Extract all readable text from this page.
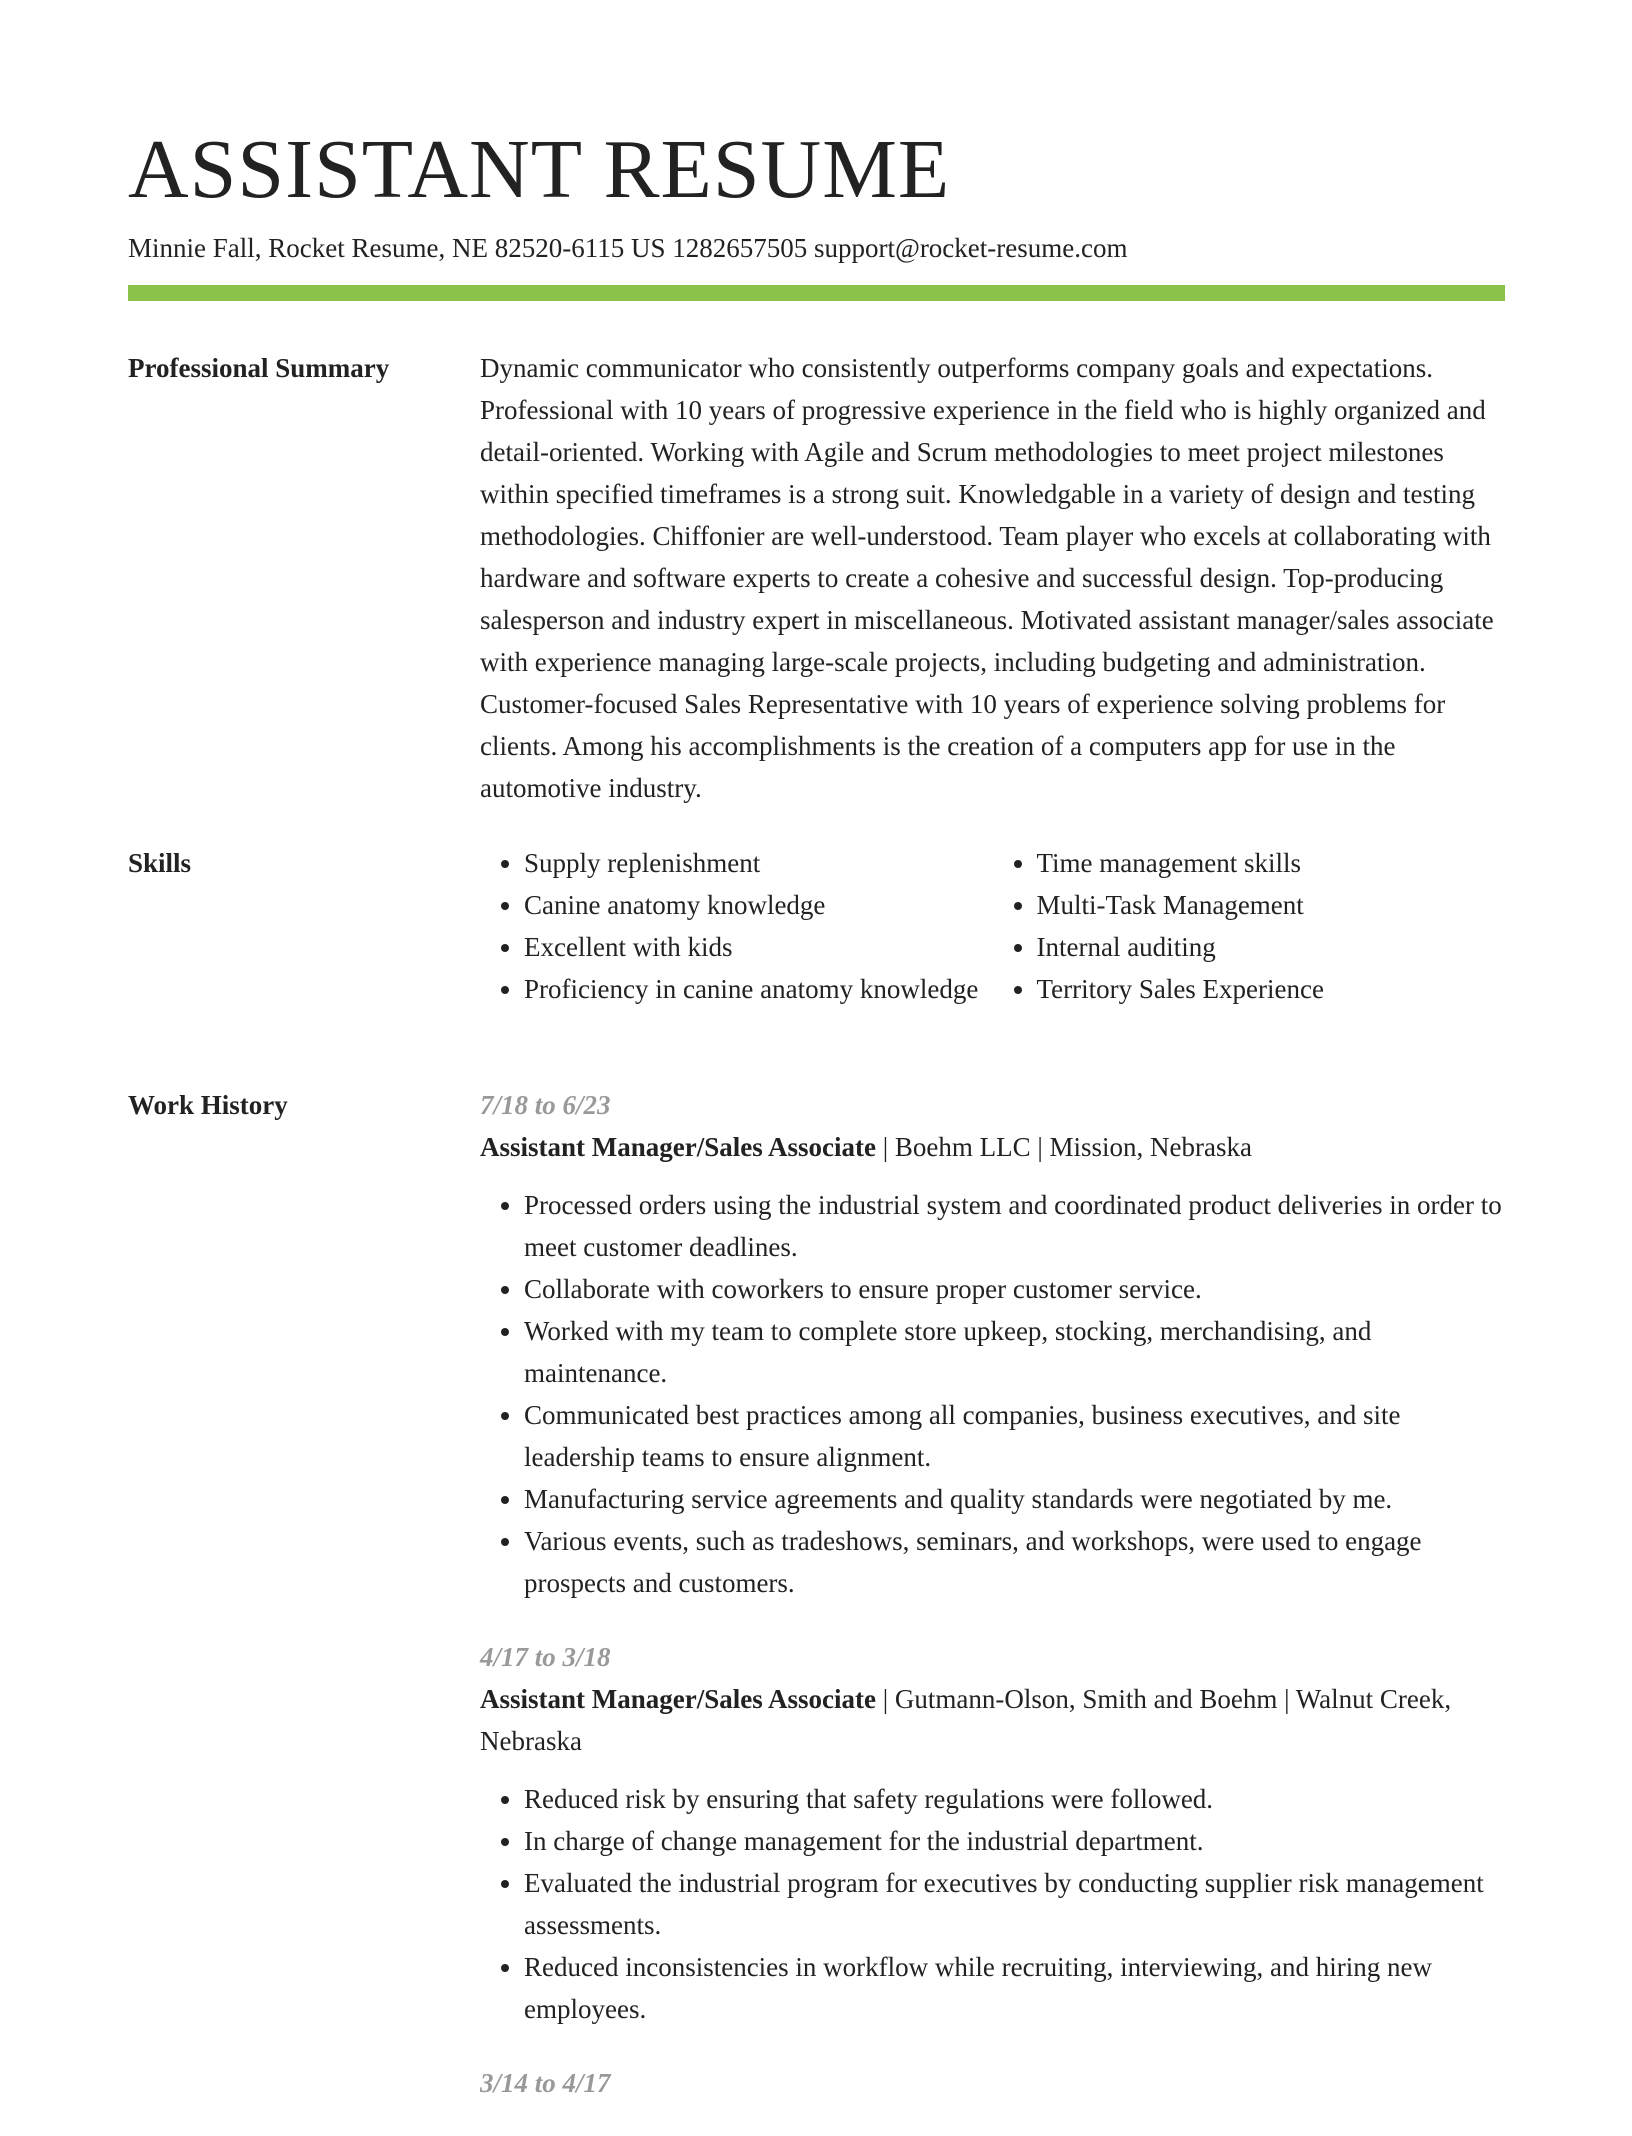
ASSISTANT RESUME

Minnie Fall, Rocket Resume, NE 82520-6115 US 1282657505 support@rocket-resume.com

Professional Summary	Dynamic communicator who consistently outperforms company goals and expectations. Professional with 10 years of progressive experience in the field who is highly organized and detail-oriented. Working with Agile and Scrum methodologies to meet project milestones within specified timeframes is a strong suit. Knowledgable in a variety of design and testing methodologies. Chiffonier are well-understood. Team player who excels at collaborating with hardware and software experts to create a cohesive and successful design. Top-producing salesperson and industry expert in miscellaneous. Motivated assistant manager/sales associate with experience managing large-scale projects, including budgeting and administration. Customer-focused Sales Representative with 10 years of experience solving problems for clients. Among his accomplishments is the creation of a computers app for use in the automotive industry.

Skills
•	Supply replenishment
• Canine anatomy knowledge
• Excellent with kids
• Proficiency in canine anatomy knowledge
• Time management skills
• Multi-Task Management
• Internal auditing
• Territory Sales Experience
Work History	7/18 to 6/23

Assistant Manager/Sales Associate | Boehm LLC | Mission, Nebraska

• Processed orders using the industrial system and coordinated product deliveries in order to meet customer deadlines.
• Collaborate with coworkers to ensure proper customer service.
• Worked with my team to complete store upkeep, stocking, merchandising, and maintenance.
• Communicated best practices among all companies, business executives, and site leadership teams to ensure alignment.
• Manufacturing service agreements and quality standards were negotiated by me.
• Various events, such as tradeshows, seminars, and workshops, were used to engage prospects and customers.

4/17 to 3/18

Assistant Manager/Sales Associate | Gutmann-Olson, Smith and Boehm | Walnut Creek, Nebraska

• Reduced risk by ensuring that safety regulations were followed.
• In charge of change management for the industrial department.
• Evaluated the industrial program for executives by conducting supplier risk management assessments.
• Reduced inconsistencies in workflow while recruiting, interviewing, and hiring new employees.

3/14 to 4/17
